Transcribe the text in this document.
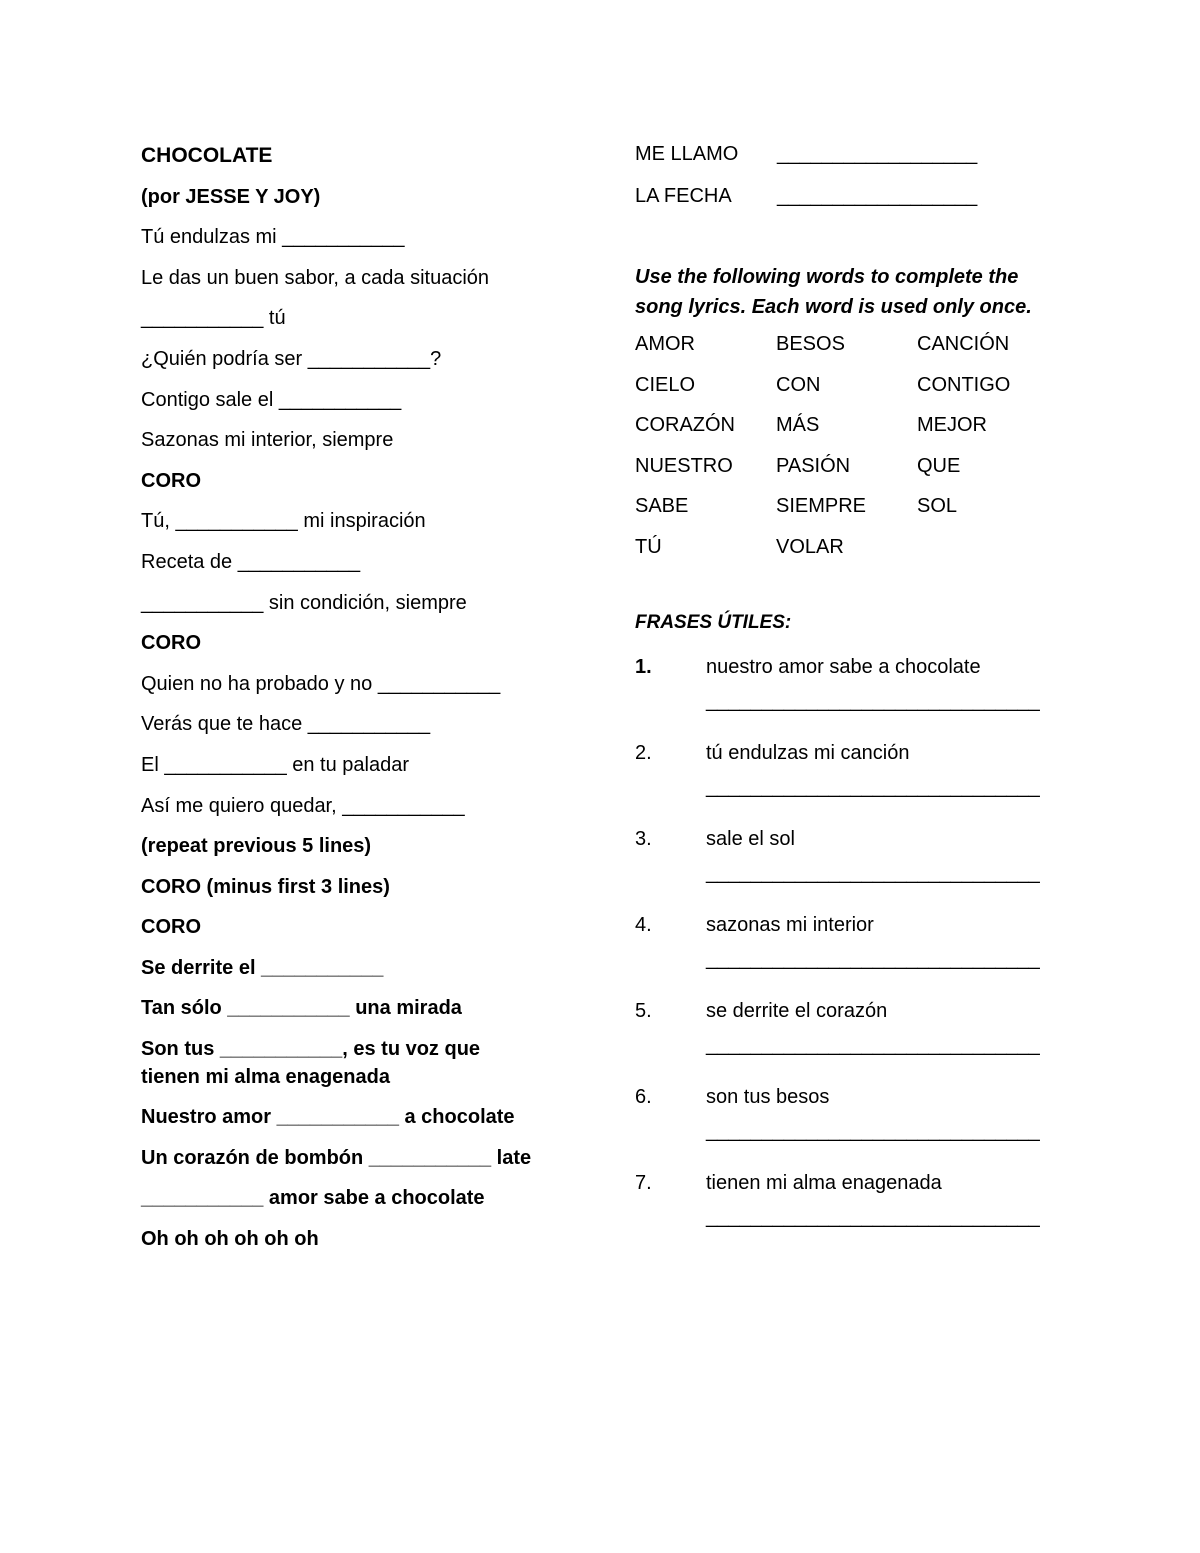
CHOCOLATE
(por JESSE Y JOY)
Tú endulzas mi ___________
Le das un buen sabor, a cada situación
___________ tú
¿Quién podría ser ___________?
Contigo sale el ___________
Sazonas mi interior, siempre
CORO
Tú, ___________ mi inspiración
Receta de ___________
___________ sin condición, siempre
CORO
Quien no ha probado y no ___________
Verás que te hace ___________
El ___________ en tu paladar
Así me quiero quedar, ___________
(repeat previous 5 lines)
CORO (minus first 3 lines)
CORO
Se derrite el ___________
Tan sólo ___________ una mirada
Son tus ___________, es tu voz que
tienen mi alma enagenada
Nuestro amor ___________ a chocolate
Un corazón de bombón ___________ late
___________ amor sabe a chocolate
Oh oh oh oh oh oh
ME LLAMO	__________________
LA FECHA	__________________
Use the following words to complete the song lyrics. Each word is used only once.
AMOR	BESOS	CANCIÓN
CIELO	CON	CONTIGO
CORAZÓN	MÁS	MEJOR
NUESTRO	PASIÓN	QUE
SABE	SIEMPRE	SOL
TÚ	VOLAR
FRASES ÚTILES:
1.	nuestro amor sabe a chocolate
______________________________
2.	tú endulzas mi canción
______________________________
3.	sale el sol
______________________________
4.	sazonas mi interior
______________________________
5.	se derrite el corazón
______________________________
6.	son tus besos
______________________________
7.	tienen mi alma enagenada
______________________________
